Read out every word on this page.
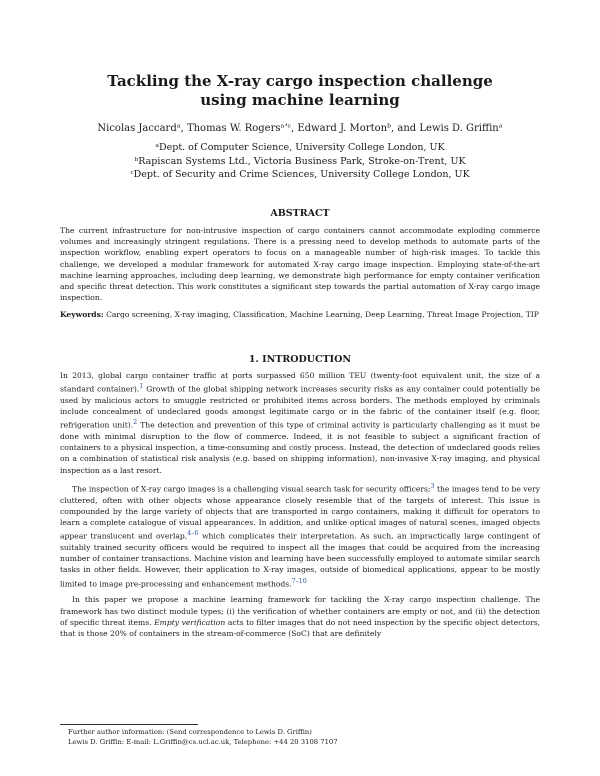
Tackling the X-ray cargo inspection challenge
using machine learning
Nicolas Jaccardᵃ, Thomas W. Rogersᵃʼᶜ, Edward J. Mortonᵇ, and Lewis D. Griffinᵃ
ᵃDept. of Computer Science, University College London, UK
ᵇRapiscan Systems Ltd., Victoria Business Park, Stroke-on-Trent, UK
ᶜDept. of Security and Crime Sciences, University College London, UK
ABSTRACT

The current infrastructure for non-intrusive inspection of cargo containers cannot accommodate exploding commerce volumes and increasingly stringent regulations. There is a pressing need to develop methods to automate parts of the inspection workflow, enabling expert operators to focus on a manageable number of high-risk images. To tackle this challenge, we developed a modular framework for automated X-ray cargo image inspection. Employing state-of-the-art machine learning approaches, including deep learning, we demonstrate high performance for empty container verification and specific threat detection. This work constitutes a significant step towards the partial automation of X-ray cargo image inspection.

Keywords: Cargo screening, X-ray imaging, Classification, Machine Learning, Deep Learning, Threat Image Projection, TIP

1. INTRODUCTION

In 2013, global cargo container traffic at ports surpassed 650 million TEU (twenty-foot equivalent unit, the size of a standard container).$^1$ Growth of the global shipping network increases security risks as any container could potentially be used by malicious actors to smuggle restricted or prohibited items across borders. The methods employed by criminals include concealment of undeclared goods amongst legitimate cargo or in the fabric of the container itself (e.g. floor, refrigeration unit).$^2$ The detection and prevention of this type of criminal activity is particularly challenging as it must be done with minimal disruption to the flow of commerce. Indeed, it is not feasible to subject a significant fraction of containers to a physical inspection, a time-consuming and costly process. Instead, the detection of undeclared goods relies on a combination of statistical risk analysis (e.g. based on shipping information), non-invasive X-ray imaging, and physical inspection as a last resort.

The inspection of X-ray cargo images is a challenging visual search task for security officers;$^3$ the images tend to be very cluttered, often with other objects whose appearance closely resemble that of the targets of interest. This issue is compounded by the large variety of objects that are transported in cargo containers, making it difficult for operators to learn a complete catalogue of visual appearances. In addition, and unlike optical images of natural scenes, imaged objects appear translucent and overlap,$^{4-6}$ which complicates their interpretation. As such, an impractically large contingent of suitably trained security officers would be required to inspect all the images that could be acquired from the increasing number of container transactions. Machine vision and learning have been successfully employed to automate similar search tasks in other fields. However, their application to X-ray images, outside of biomedical applications, appear to be mostly limited to image pre-processing and enhancement methods.$^{7-10}$

In this paper we propose a machine learning framework for tackling the X-ray cargo inspection challenge. The framework has two distinct module types; (i) the verification of whether containers are empty or not, and (ii) the detection of specific threat items. Empty verification acts to filter images that do not need inspection by the specific object detectors, that is those 20% of containers in the stream-of-commerce (SoC) that are definitely

Further author information: (Send correspondence to Lewis D. Griffin)
Lewis D. Griffin: E-mail: L.Griffin@cs.ucl.ac.uk, Telephone: +44 20 3108 7107
